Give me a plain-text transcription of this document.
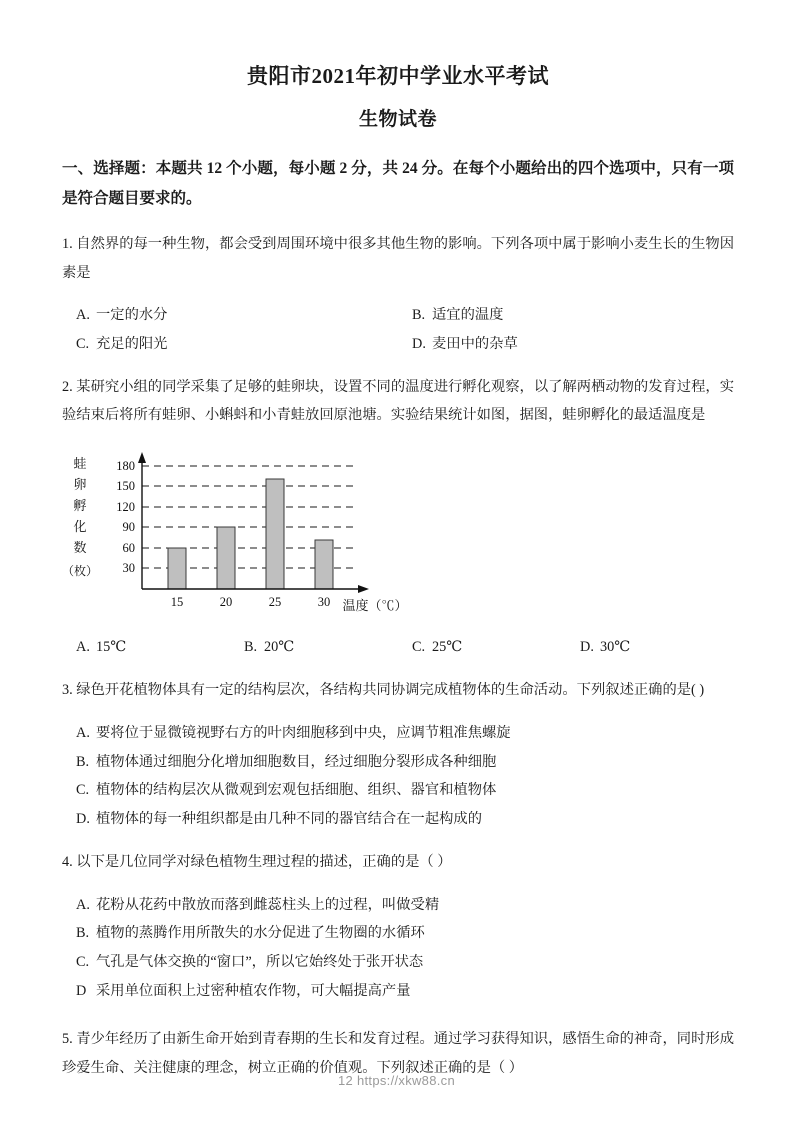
贵阳市2021年初中学业水平考试
生物试卷

一、选择题：本题共 12 个小题，每小题 2 分，共 24 分。在每个小题给出的四个选项中，只有一项是符合题目要求的。

1. 自然界的每一种生物，都会受到周围环境中很多其他生物的影响。下列各项中属于影响小麦生长的生物因素是

A. 一定的水分	B. 适宜的温度
C. 充足的阳光	D. 麦田中的杂草

2. 某研究小组的同学采集了足够的蛙卵块，设置不同的温度进行孵化观察，以了解两栖动物的发育过程，实验结束后将所有蛙卵、小蝌蚪和小青蛙放回原池塘。实验结果统计如图，据图，蛙卵孵化的最适温度是

蛙
卵
孵
化
数
（枚）
180
150
120
90
60
30
15	20	25	30 温度（℃）
A. 15℃	B. 20℃	C. 25℃	D. 30℃

3. 绿色开花植物体具有一定的结构层次，各结构共同协调完成植物体的生命活动。下列叙述正确的是( )

A. 要将位于显微镜视野右方的叶肉细胞移到中央，应调节粗准焦螺旋
B. 植物体通过细胞分化增加细胞数目，经过细胞分裂形成各种细胞
C. 植物体的结构层次从微观到宏观包括细胞、组织、器官和植物体
D. 植物体的每一种组织都是由几种不同的器官结合在一起构成的

4. 以下是几位同学对绿色植物生理过程的描述，正确的是（ ）

A. 花粉从花药中散放而落到雌蕊柱头上的过程，叫做受精
B. 植物的蒸腾作用所散失的水分促进了生物圈的水循环
C. 气孔是气体交换的“窗口”，所以它始终处于张开状态
D 采用单位面积上过密种植农作物，可大幅提高产量

5. 青少年经历了由新生命开始到青春期的生长和发育过程。通过学习获得知识，感悟生命的神奇，同时形成珍爱生命、关注健康的理念，树立正确的价值观。下列叙述正确的是（ ）

12 https://xkw88.cn
